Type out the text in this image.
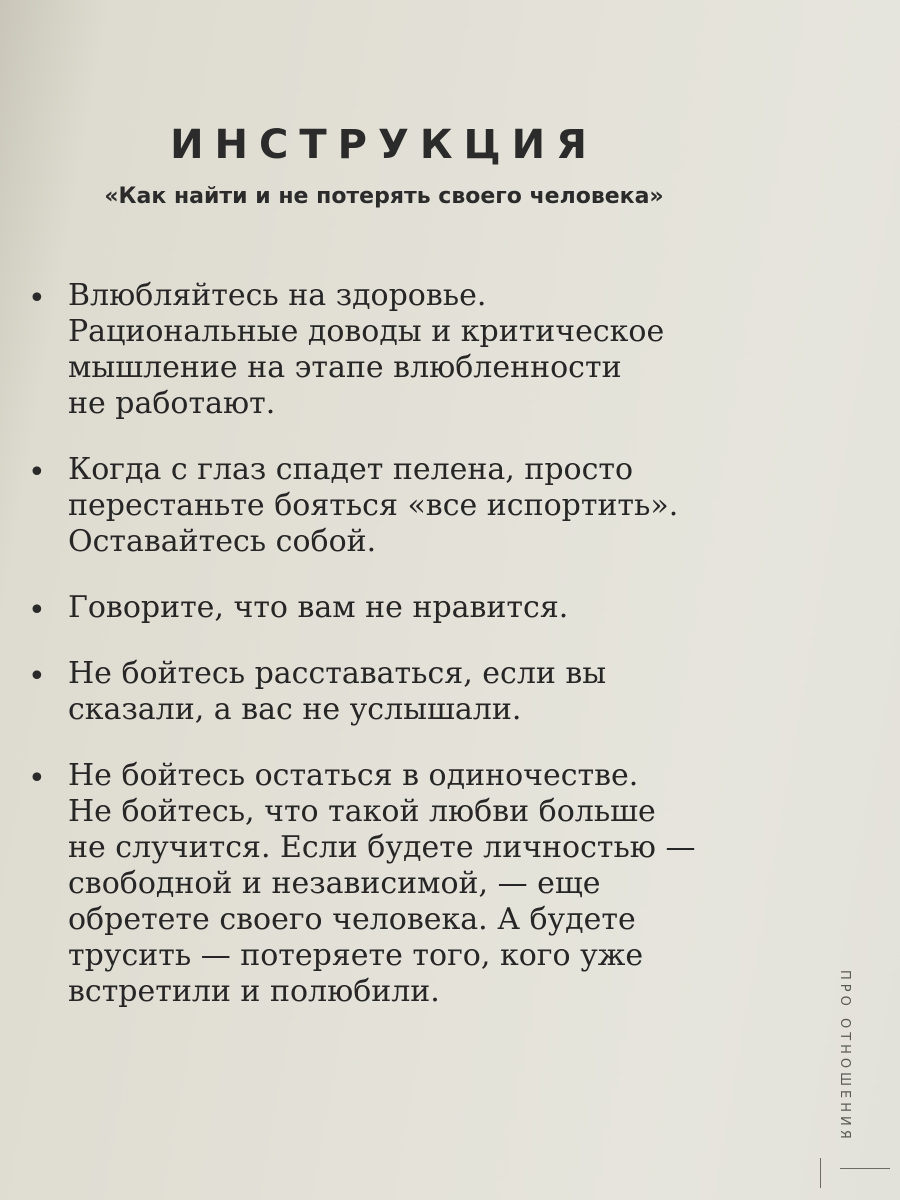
ИНСТРУКЦИЯ
«Как найти и не потерять своего человека»
• Влюбляйтесь на здоровье.
Рациональные доводы и критическое
мышление на этапе влюбленности
не работают.
• Когда с глаз спадет пелена, просто
перестаньте бояться «все испортить».
Оставайтесь собой.
• Говорите, что вам не нравится.
• Не бойтесь расставаться, если вы
сказали, а вас не услышали.
• Не бойтесь остаться в одиночестве.
Не бойтесь, что такой любви больше
не случится. Если будете личностью —
свободной и независимой, — еще
обретете своего человека. А будете
трусить — потеряете того, кого уже
встретили и полюбили.	ПРО ОТНОШЕНИЯ
